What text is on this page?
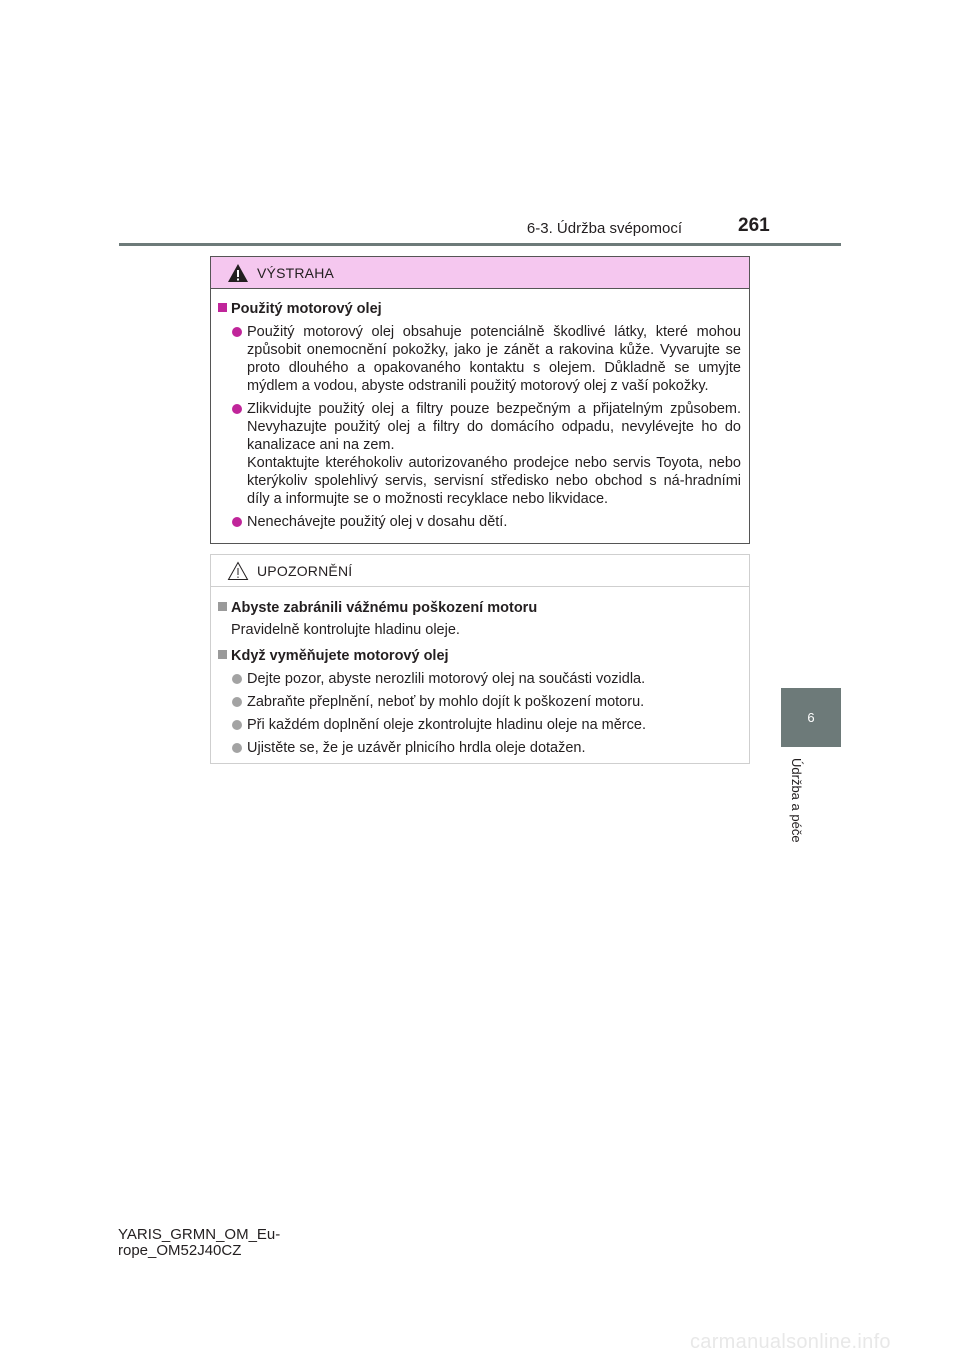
6-3. Údržba svépomocí	261
6
Údržba a péče
VÝSTRAHA
Použitý motorový olej

Použitý motorový olej obsahuje potenciálně škodlivé látky, které mohou způsobit onemocnění pokožky, jako je zánět a rakovina kůže. Vyvarujte se proto dlouhého a opakovaného kontaktu s olejem. Důkladně se umyjte mýdlem a vodou, abyste odstranili použitý motorový olej z vaší pokožky.

Zlikvidujte použitý olej a filtry pouze bezpečným a přijatelným způsobem. Nevyhazujte použitý olej a filtry do domácího odpadu, nevylévejte ho do kanalizace ani na zem.

Kontaktujte kteréhokoliv autorizovaného prodejce nebo servis Toyota, nebo kterýkoliv spolehlivý servis, servisní středisko nebo obchod s ná-hradními díly a informujte se o možnosti recyklace nebo likvidace.

Nenechávejte použitý olej v dosahu dětí.

UPOZORNĚNÍ
Abyste zabránili vážnému poškození motoru
Pravidelně kontrolujte hladinu oleje.
Když vyměňujete motorový olej
Dejte pozor, abyste nerozlili motorový olej na součásti vozidla.
Zabraňte přeplnění, neboť by mohlo dojít k poškození motoru.
Při každém doplnění oleje zkontrolujte hladinu oleje na měrce.
Ujistěte se, že je uzávěr plnicího hrdla oleje dotažen.
YARIS_GRMN_OM_Eu-
rope_OM52J40CZ
carmanualsonline.info
